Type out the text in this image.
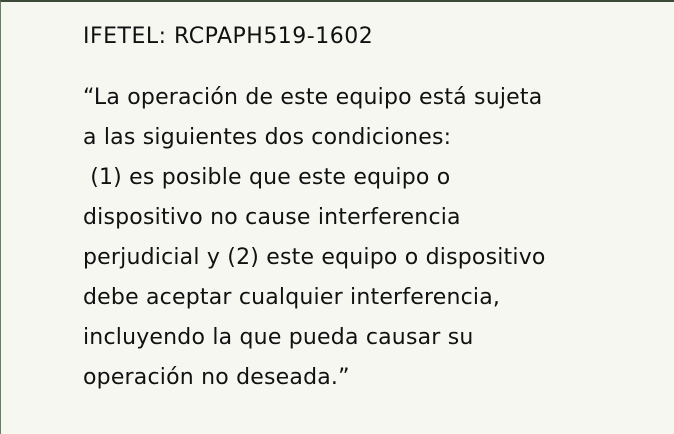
IFETEL: RCPAPH519-1602
“La operación de este equipo está sujeta
a las siguientes dos condiciones:
(1) es posible que este equipo o
dispositivo no cause interferencia
perjudicial y (2) este equipo o dispositivo
debe aceptar cualquier interferencia,
incluyendo la que pueda causar su
operación no deseada.”
